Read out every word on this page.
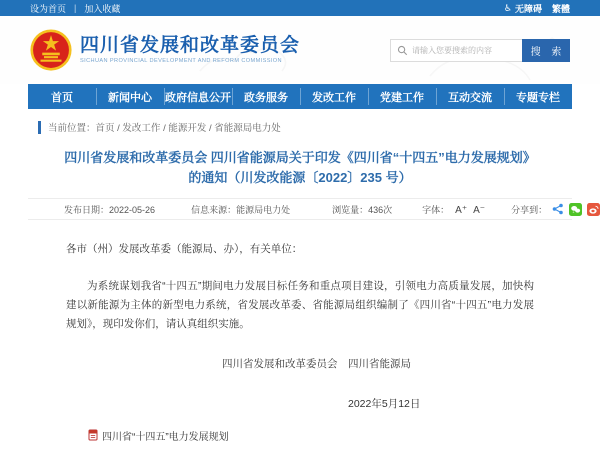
设为首页 | 加入收藏	♿ 无障碍 繁體
四川省发展和改革委员会
SICHUAN PROVINCIAL DEVELOPMENT AND REFORM COMMISSION
请输入您要搜索的内容
搜 索
首页	新闻中心	政府信息公开	政务服务	发改工作	党建工作	互动交流	专题专栏
当前位置： 首页 / 发改工作 / 能源开发 / 省能源局电力处
四川省发展和改革委员会 四川省能源局关于印发《四川省“十四五”电力发展规划》的通知（川发改能源〔2022〕235 号）
发布日期：2022-05-26	信息来源：能源局电力处	浏览量：436次	字体： A⁺ A⁻	分享到：

各市（州）发展改革委（能源局、办），有关单位：

为系统谋划我省“十四五”期间电力发展目标任务和重点项目建设，引领电力高质量发展，加快构建以新能源为主体的新型电力系统，省发展改革委、省能源局组织编制了《四川省“十四五”电力发展规划》，现印发你们，请认真组织实施。

四川省发展和改革委员会 四川省能源局
2022年5月12日
四川省“十四五”电力发展规划
